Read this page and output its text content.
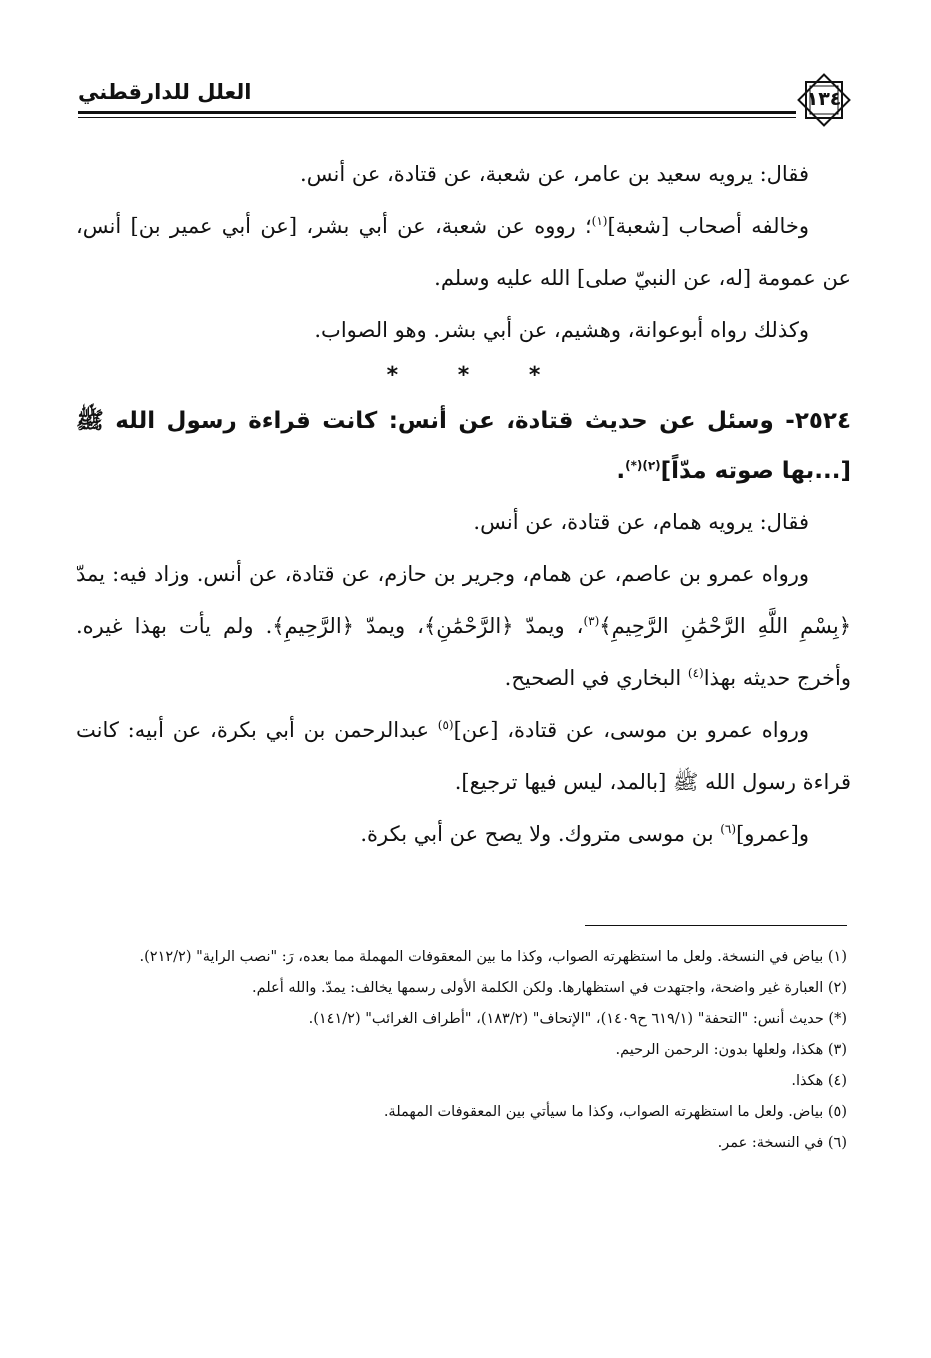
١٣٤
العلل للدارقطني

فقال: يرويه سعيد بن عامر، عن شعبة، عن قتادة، عن أنس.

وخالفه أصحاب [شعبة]$^{(١)}$؛ رووه عن شعبة، عن أبي بشر، [عن أبي عمير بن] أنس، عن عمومة [له، عن النبيّ صلى] الله عليه وسلم.

وكذلك رواه أبوعوانة، وهشيم، عن أبي بشر. وهو الصواب.

* * *

٢٥٢٤- وسئل عن حديث قتادة، عن أنس: كانت قراءة رسول الله ﷺ [...بها صوته مدّاً]$^{(٢)(*)}$.

فقال: يرويه همام، عن قتادة، عن أنس.

ورواه عمرو بن عاصم، عن همام، وجرير بن حازم، عن قتادة، عن أنس. وزاد فيه: يمدّ ﴿بِسْمِ اللَّهِ الرَّحْمَٰنِ الرَّحِيمِ﴾$^{(٣)}$، ويمدّ ﴿الرَّحْمَٰنِ﴾، ويمدّ ﴿الرَّحِيمِ﴾. ولم يأت بهذا غيره. وأخرج حديثه بهذا$^{(٤)}$ البخاري في الصحيح.

ورواه عمرو بن موسى، عن قتادة، [عن]$^{(٥)}$ عبدالرحمن بن أبي بكرة، عن أبيه: كانت قراءة رسول الله ﷺ [بالمد، ليس فيها ترجيع].

و[عمرو]$^{(٦)}$ بن موسى متروك. ولا يصح عن أبي بكرة.

(١) بياض في النسخة. ولعل ما استظهرته الصواب، وكذا ما بين المعقوفات المهملة مما بعده، رَ: "نصب الراية" (٢١٢/٢).

(٢) العبارة غير واضحة، واجتهدت في استظهارها. ولكن الكلمة الأولى رسمها يخالف: يمدّ. والله أعلم.

(*) حديث أنس: "التحفة" (٦١٩/١ ح١٤٠٩)، "الإتحاف" (١٨٣/٢)، "أطراف الغرائب" (١٤١/٢).

(٣) هكذا، ولعلها بدون: الرحمن الرحيم.

(٤) هكذا.

(٥) بياض. ولعل ما استظهرته الصواب، وكذا ما سيأتي بين المعقوفات المهملة.

(٦) في النسخة: عمر.
